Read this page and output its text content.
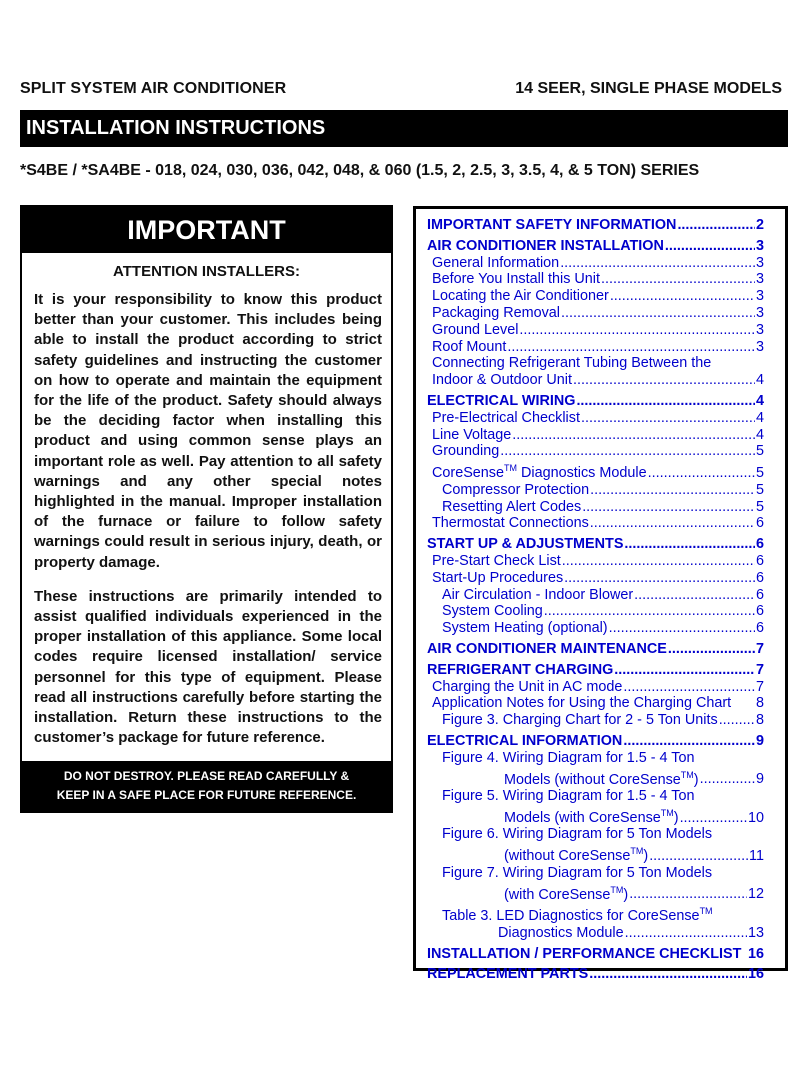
SPLIT SYSTEM AIR CONDITIONER	14 SEER, SINGLE PHASE MODELS
INSTALLATION INSTRUCTIONS
*S4BE / *SA4BE - 018, 024, 030, 036, 042, 048, & 060 (1.5, 2, 2.5, 3, 3.5, 4, & 5 TON) SERIES
IMPORTANT
ATTENTION INSTALLERS:
It is your responsibility to know this product better than your customer. This includes being able to install the product according to strict safety guidelines and instructing the customer on how to operate and maintain the equipment for the life of the product. Safety should always be the deciding factor when installing this product and using common sense plays an important role as well. Pay attention to all safety warnings and any other special notes highlighted in the manual. Improper installation of the furnace or failure to follow safety warnings could result in serious injury, death, or property damage.
These instructions are primarily intended to assist qualified individuals experienced in the proper installation of this appliance. Some local codes require licensed installation/ service personnel for this type of equipment. Please read all instructions carefully before starting the installation. Return these instructions to the customer’s package for future reference.
DO NOT DESTROY. PLEASE READ CAREFULLY &
KEEP IN A SAFE PLACE FOR FUTURE REFERENCE.
IMPORTANT SAFETY INFORMATION .....	2
AIR CONDITIONER INSTALLATION .....	3
General Information .....	3
Before You Install this Unit .....	3
Locating the Air Conditioner .....	3
Packaging Removal .....	3
Ground Level .....	3
Roof Mount .....	3
Connecting Refrigerant Tubing Between the
Indoor & Outdoor Unit .....	4
ELECTRICAL WIRING .....	4
Pre-Electrical Checklist .....	4
Line Voltage .....	4
Grounding .....	5
CoreSense™ Diagnostics Module .....	5
Compressor Protection .....	5
Resetting Alert Codes .....	5
Thermostat Connections .....	6
START UP & ADJUSTMENTS .....	6
Pre-Start Check List .....	6
Start-Up Procedures .....	6
Air Circulation - Indoor Blower .....	6
System Cooling .....	6
System Heating (optional) .....	6
AIR CONDITIONER MAINTENANCE .....	7
REFRIGERANT CHARGING .....	7
Charging the Unit in AC mode .....	7
Application Notes for Using the Charging Chart 8
Figure 3. Charging Chart for 2 - 5 Ton Units .....	8
ELECTRICAL INFORMATION .....	9
Figure 4. Wiring Diagram for 1.5 - 4 Ton
Models (without CoreSense™) .....	9
Figure 5. Wiring Diagram for 1.5 - 4 Ton
Models (with CoreSense™) .....	10
Figure 6. Wiring Diagram for 5 Ton Models
(without CoreSense™) .....	11
Figure 7. Wiring Diagram for 5 Ton Models
(with CoreSense™) .....	12
Table 3. LED Diagnostics for CoreSense™
Diagnostics Module .....	13
INSTALLATION / PERFORMANCE CHECKLIST 16
REPLACEMENT PARTS .....	16
